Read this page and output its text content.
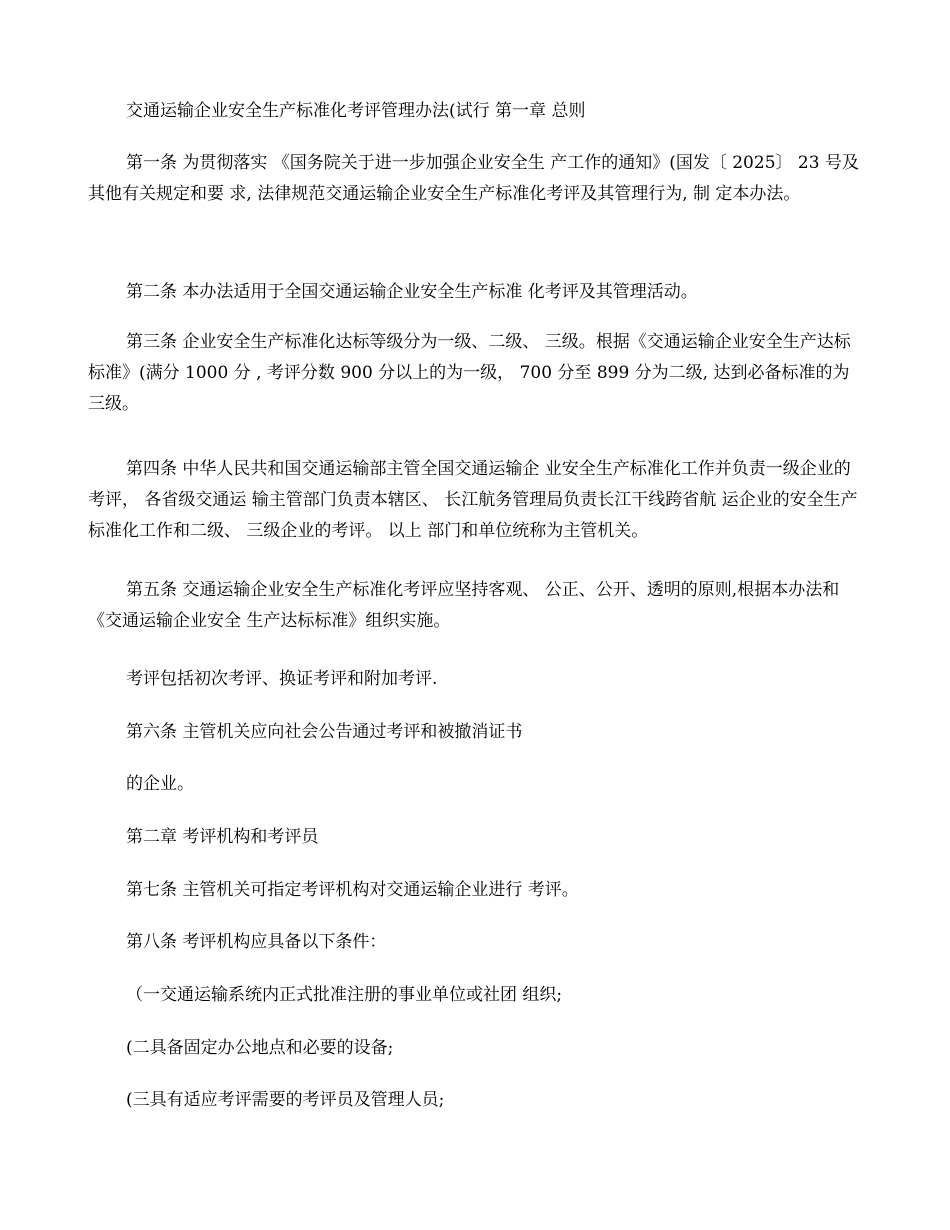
交通运输企业安全生产标准化考评管理办法(试行 第一章 总则

第一条 为贯彻落实 《国务院关于进一步加强企业安全生 产工作的通知》(国发〔 2025〕 23 号及其他有关规定和要 求, 法律规范交通运输企业安全生产标准化考评及其管理行为, 制 定本办法。

第二条 本办法适用于全国交通运输企业安全生产标准 化考评及其管理活动。

第三条 企业安全生产标准化达标等级分为一级、二级、 三级。根据《交通运输企业安全生产达标标准》(满分 1000 分 , 考评分数 900 分以上的为一级， 700 分至 899 分为二级, 达到必备标准的为三级。

第四条 中华人民共和国交通运输部主管全国交通运输企 业安全生产标准化工作并负责一级企业的考评， 各省级交通运 输主管部门负责本辖区、 长江航务管理局负责长江干线跨省航 运企业的安全生产标准化工作和二级、 三级企业的考评。 以上 部门和单位统称为主管机关。

第五条 交通运输企业安全生产标准化考评应坚持客观、 公正、公开、透明的原则,根据本办法和《交通运输企业安全 生产达标标准》组织实施。

考评包括初次考评、换证考评和附加考评.

第六条 主管机关应向社会公告通过考评和被撤消证书

的企业。

第二章 考评机构和考评员

第七条 主管机关可指定考评机构对交通运输企业进行 考评。

第八条 考评机构应具备以下条件：

（一交通运输系统内正式批准注册的事业单位或社团 组织;

(二具备固定办公地点和必要的设备;

(三具有适应考评需要的考评员及管理人员;
